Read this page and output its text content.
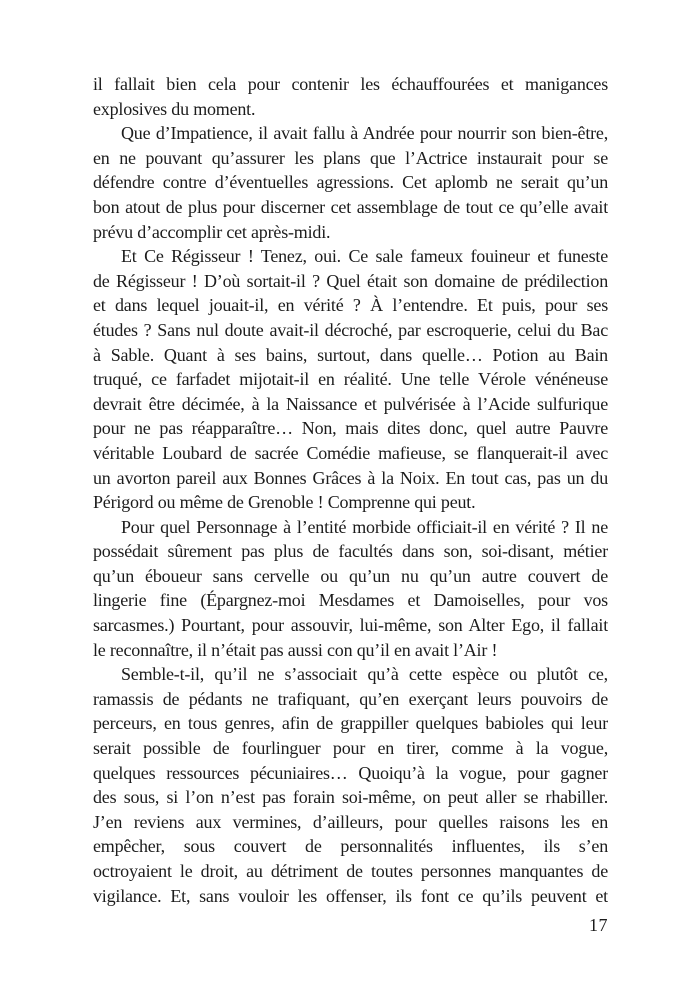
il fallait bien cela pour contenir les échauffourées et manigances
explosives du moment.
Que d’Impatience, il avait fallu à Andrée pour nourrir son bien-être,
en ne pouvant qu’assurer les plans que l’Actrice instaurait pour se
défendre contre d’éventuelles agressions. Cet aplomb ne serait qu’un
bon atout de plus pour discerner cet assemblage de tout ce qu’elle avait
prévu d’accomplir cet après-midi.
Et Ce Régisseur ! Tenez, oui. Ce sale fameux fouineur et funeste
de Régisseur ! D’où sortait-il ? Quel était son domaine de prédilection
et dans lequel jouait-il, en vérité ? À l’entendre. Et puis, pour ses
études ? Sans nul doute avait-il décroché, par escroquerie, celui du Bac
à Sable. Quant à ses bains, surtout, dans quelle… Potion au Bain
truqué, ce farfadet mijotait-il en réalité. Une telle Vérole vénéneuse
devrait être décimée, à la Naissance et pulvérisée à l’Acide sulfurique
pour ne pas réapparaître… Non, mais dites donc, quel autre Pauvre
véritable Loubard de sacrée Comédie mafieuse, se flanquerait-il avec
un avorton pareil aux Bonnes Grâces à la Noix. En tout cas, pas un du
Périgord ou même de Grenoble ! Comprenne qui peut.
Pour quel Personnage à l’entité morbide officiait-il en vérité ? Il ne
possédait sûrement pas plus de facultés dans son, soi-disant, métier
qu’un éboueur sans cervelle ou qu’un nu qu’un autre couvert de
lingerie fine (Épargnez-moi Mesdames et Damoiselles, pour vos
sarcasmes.) Pourtant, pour assouvir, lui-même, son Alter Ego, il fallait
le reconnaître, il n’était pas aussi con qu’il en avait l’Air !
Semble-t-il, qu’il ne s’associait qu’à cette espèce ou plutôt ce,
ramassis de pédants ne trafiquant, qu’en exerçant leurs pouvoirs de
perceurs, en tous genres, afin de grappiller quelques babioles qui leur
serait possible de fourlinguer pour en tirer, comme à la vogue,
quelques ressources pécuniaires… Quoiqu’à la vogue, pour gagner
des sous, si l’on n’est pas forain soi-même, on peut aller se rhabiller.
J’en reviens aux vermines, d’ailleurs, pour quelles raisons les en
empêcher, sous couvert de personnalités influentes, ils s’en
octroyaient le droit, au détriment de toutes personnes manquantes de
vigilance. Et, sans vouloir les offenser, ils font ce qu’ils peuvent et
17
